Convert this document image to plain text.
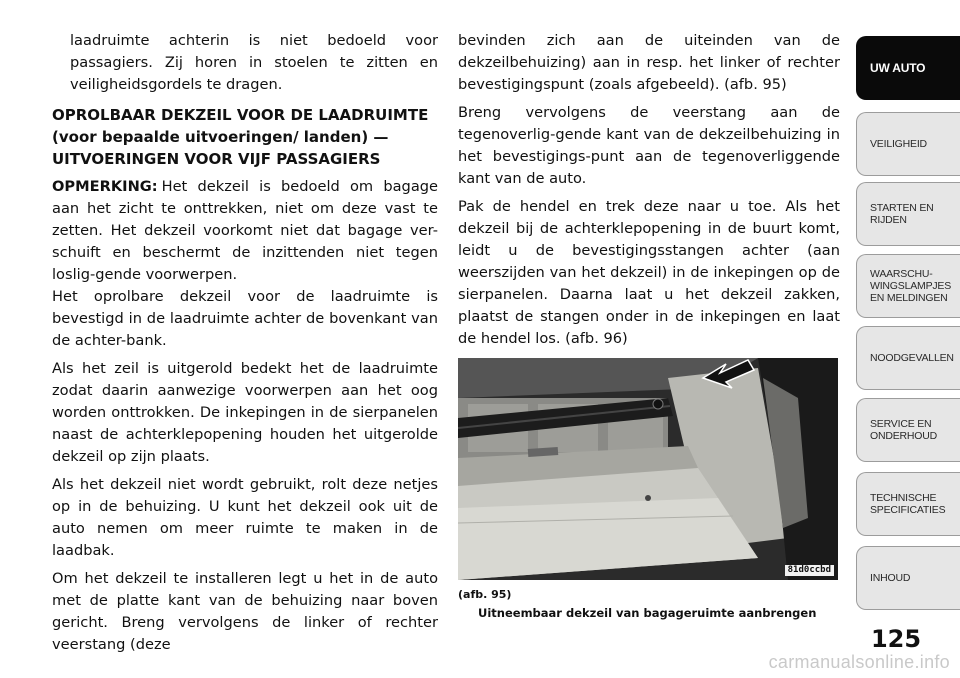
laadruimte achterin is niet bedoeld voor passagiers. Zij horen in stoelen te zitten en veiligheidsgordels te dragen.

OPROLBAAR DEKZEIL VOOR DE LAADRUIMTE (voor bepaalde uitvoeringen/ landen) — UITVOERINGEN VOOR VIJF PASSAGIERS

OPMERKING: Het dekzeil is bedoeld om bagage aan het zicht te onttrekken, niet om deze vast te zetten. Het dekzeil voorkomt niet dat bagage ver-schuift en beschermt de inzittenden niet tegen loslig-gende voorwerpen.

Het oprolbare dekzeil voor de laadruimte is bevestigd in de laadruimte achter de bovenkant van de achter-bank.

Als het zeil is uitgerold bedekt het de laadruimte zodat daarin aanwezige voorwerpen aan het oog worden onttrokken. De inkepingen in de sierpanelen naast de achterklepopening houden het uitgerolde dekzeil op zijn plaats.

Als het dekzeil niet wordt gebruikt, rolt deze netjes op in de behuizing. U kunt het dekzeil ook uit de auto nemen om meer ruimte te maken in de laadbak.

Om het dekzeil te installeren legt u het in de auto met de platte kant van de behuizing naar boven gericht. Breng vervolgens de linker of rechter veerstang (deze

bevinden zich aan de uiteinden van de dekzeilbehuizing) aan in resp. het linker of rechter bevestigingspunt (zoals afgebeeld). (afb. 95)

Breng vervolgens de veerstang aan de tegenoverlig-gende kant van de dekzeilbehuizing in het bevestigings-punt aan de tegenoverliggende kant van de auto.

Pak de hendel en trek deze naar u toe. Als het dekzeil bij de achterklepopening in de buurt komt, leidt u de bevestigingsstangen achter (aan weerszijden van het dekzeil) in de inkepingen op de sierpanelen. Daarna laat u het dekzeil zakken, plaatst de stangen onder in de inkepingen en laat de hendel los. (afb. 96)

81d0ccbd
(afb. 95)
Uitneembaar dekzeil van bagageruimte aanbrengen
UW AUTO
VEILIGHEID
STARTEN EN RIJDEN
WAARSCHU-WINGSLAMPJES EN MELDINGEN
NOODGEVALLEN
SERVICE EN ONDERHOUD
TECHNISCHE SPECIFICATIES
INHOUD
125
carmanualsonline.info
